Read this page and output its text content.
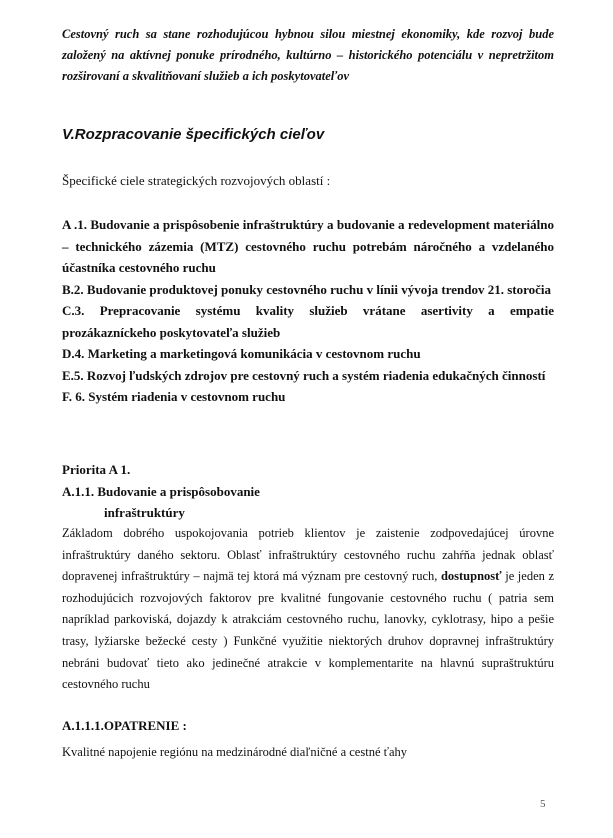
Cestovný ruch sa stane rozhodujúcou hybnou silou miestnej ekonomiky, kde rozvoj bude založený na aktívnej ponuke prírodného, kultúrno – historického potenciálu v nepretržitom rozširovaní a skvalitňovaní služieb a ich poskytovateľov

V.Rozpracovanie špecifických cieľov

Špecifické ciele strategických rozvojových oblastí :

A .1. Budovanie a prispôsobenie infraštruktúry a budovanie a redevelopment materiálno – technického zázemia (MTZ) cestovného ruchu potrebám náročného a vzdelaného účastníka cestovného ruchu

B.2. Budovanie produktovej ponuky cestovného ruchu v línii vývoja trendov 21. storočia

C.3. Prepracovanie systému kvality služieb vrátane asertivity a empatie prozákazníckeho poskytovateľa služieb

D.4. Marketing a marketingová komunikácia v cestovnom ruchu

E.5. Rozvoj ľudských zdrojov pre cestovný ruch a systém riadenia edukačných činností

F. 6. Systém riadenia v cestovnom ruchu

Priorita A 1.

A.1.1. Budovanie a prispôsobovanie

infraštruktúry

Základom dobrého uspokojovania potrieb klientov je zaistenie zodpovedajúcej úrovne infraštruktúry daného sektoru. Oblasť infraštruktúry cestovného ruchu zahŕňa jednak oblasť dopravenej infraštruktúry – najmä tej ktorá má význam pre cestovný ruch, dostupnosť je jeden z rozhodujúcich rozvojových faktorov pre kvalitné fungovanie cestovného ruchu ( patria sem napríklad parkoviská, dojazdy k atrakciám cestovného ruchu, lanovky, cyklotrasy, hipo a pešie trasy, lyžiarske bežecké cesty ) Funkčné využitie niektorých druhov dopravnej infraštruktúry nebráni budovať tieto ako jedinečné atrakcie v komplementarite na hlavnú supraštruktúru cestovného ruchu

A.1.1.1.OPATRENIE :

Kvalitné napojenie regiónu na medzinárodné diaľničné a cestné ťahy

5
